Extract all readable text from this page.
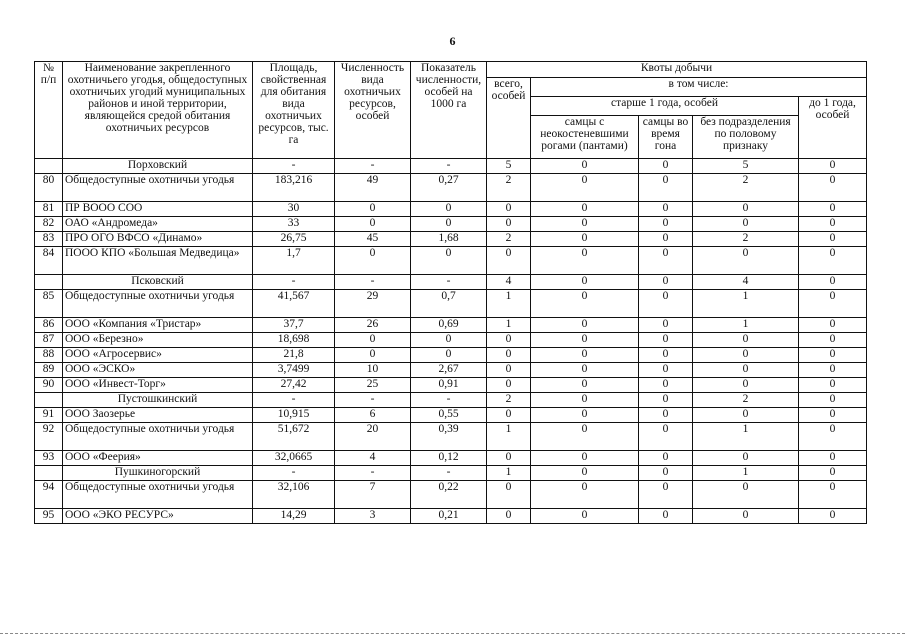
6
№ п/п	Наименование закрепленного охотничьего угодья, общедоступных охотничьих угодий муниципальных районов и иной территории, являющейся средой обитания охотничьих ресурсов	Площадь, свойственная для обитания вида охотничьих ресурсов, тыс. га	Численность вида охотничьих ресурсов, особей	Показатель численности, особей на 1000 га	Квоты добычи				
					всего, особей	в том числе:			
						старше 1 года, особей			до 1 года, особей
						самцы с неокостеневшими рогами (пантами)	самцы во время гона	без подразделения по половому признаку	
	Порховский	-	-	-	5	0	0	5	0
80	Общедоступные охотничьи угодья	183,216	49	0,27	2	0	0	2	0
81	ПР ВООО СОО	30	0	0	0	0	0	0	0
82	ОАО «Андромеда»	33	0	0	0	0	0	0	0
83	ПРО ОГО ВФСО «Динамо»	26,75	45	1,68	2	0	0	2	0
84	ПООО КПО «Большая Медведица»	1,7	0	0	0	0	0	0	0
	Псковский	-	-	-	4	0	0	4	0
85	Общедоступные охотничьи угодья	41,567	29	0,7	1	0	0	1	0
86	ООО «Компания «Тристар»	37,7	26	0,69	1	0	0	1	0
87	ООО «Березно»	18,698	0	0	0	0	0	0	0
88	ООО «Агросервис»	21,8	0	0	0	0	0	0	0
89	ООО «ЭСКО»	3,7499	10	2,67	0	0	0	0	0
90	ООО «Инвест-Торг»	27,42	25	0,91	0	0	0	0	0
	Пустошкинский	-	-	-	2	0	0	2	0
91	ООО Заозерье	10,915	6	0,55	0	0	0	0	0
92	Общедоступные охотничьи угодья	51,672	20	0,39	1	0	0	1	0
93	ООО «Феерия»	32,0665	4	0,12	0	0	0	0	0
	Пушкиногорский	-	-	-	1	0	0	1	0
94	Общедоступные охотничьи угодья	32,106	7	0,22	0	0	0	0	0
95	ООО «ЭКО РЕСУРС»	14,29	3	0,21	0	0	0	0	0
